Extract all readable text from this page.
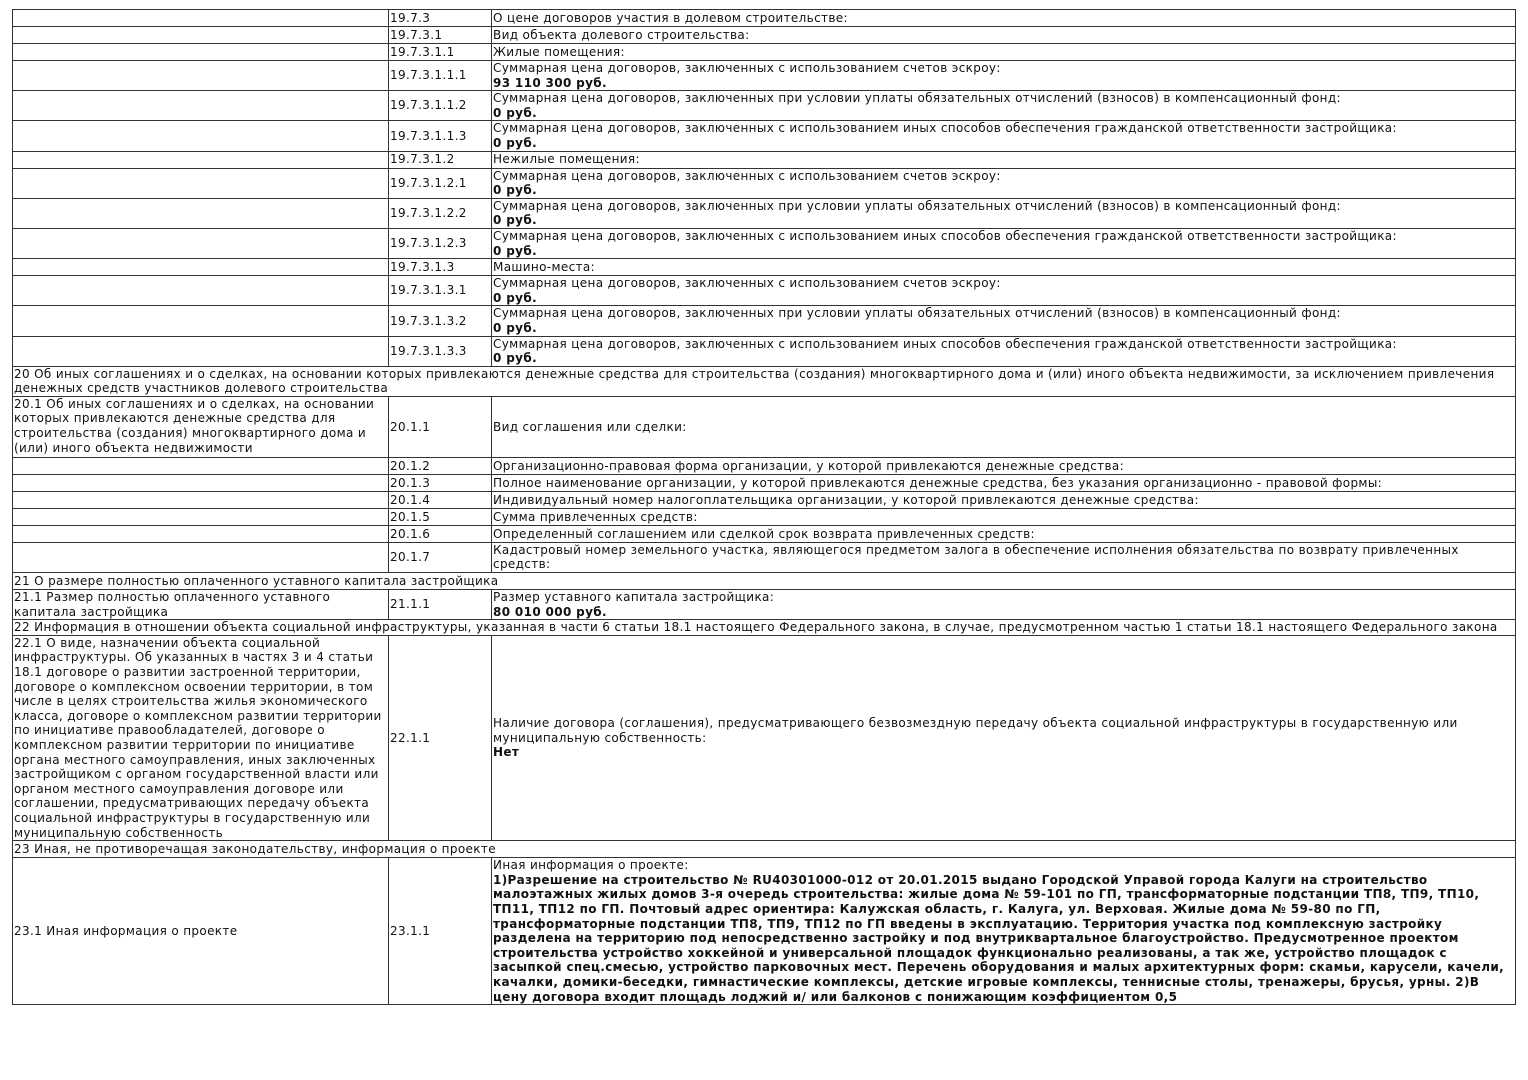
	19.7.3	О цене договоров участия в долевом строительстве:

	19.7.3.1	Вид объекта долевого строительства:

	19.7.3.1.1	Жилые помещения:

	19.7.3.1.1.1	Суммарная цена договоров, заключенных с использованием счетов эскроу:
93 110 300 руб.

	19.7.3.1.1.2	Суммарная цена договоров, заключенных при условии уплаты обязательных отчислений (взносов) в компенсационный фонд:
0 руб.

	19.7.3.1.1.3	Суммарная цена договоров, заключенных с использованием иных способов обеспечения гражданской ответственности застройщика:
0 руб.

	19.7.3.1.2	Нежилые помещения:

	19.7.3.1.2.1	Суммарная цена договоров, заключенных с использованием счетов эскроу:
0 руб.

	19.7.3.1.2.2	Суммарная цена договоров, заключенных при условии уплаты обязательных отчислений (взносов) в компенсационный фонд:
0 руб.

	19.7.3.1.2.3	Суммарная цена договоров, заключенных с использованием иных способов обеспечения гражданской ответственности застройщика:
0 руб.

	19.7.3.1.3	Машино-места:

	19.7.3.1.3.1	Суммарная цена договоров, заключенных с использованием счетов эскроу:
0 руб.

	19.7.3.1.3.2	Суммарная цена договоров, заключенных при условии уплаты обязательных отчислений (взносов) в компенсационный фонд:
0 руб.

	19.7.3.1.3.3	Суммарная цена договоров, заключенных с использованием иных способов обеспечения гражданской ответственности застройщика:
0 руб.

20 Об иных соглашениях и о сделках, на основании которых привлекаются денежные средства для строительства (создания) многоквартирного дома и (или) иного объекта недвижимости, за исключением привлечения денежных средств участников долевого строительства		
20.1 Об иных соглашениях и о сделках, на основании которых привлекаются денежные средства для строительства (создания) многоквартирного дома и (или) иного объекта недвижимости	20.1.1	Вид соглашения или сделки:

	20.1.2	Организационно-правовая форма организации, у которой привлекаются денежные средства:

	20.1.3	Полное наименование организации, у которой привлекаются денежные средства, без указания организационно - правовой формы:

	20.1.4	Индивидуальный номер налогоплательщика организации, у которой привлекаются денежные средства:

	20.1.5	Сумма привлеченных средств:

	20.1.6	Определенный соглашением или сделкой срок возврата привлеченных средств:

	20.1.7	Кадастровый номер земельного участка, являющегося предметом залога в обеспечение исполнения обязательства по возврату привлеченных средств:

21 О размере полностью оплаченного уставного капитала застройщика		
21.1 Размер полностью оплаченного уставного капитала застройщика	21.1.1	Размер уставного капитала застройщика:
80 010 000 руб.

22 Информация в отношении объекта социальной инфраструктуры, указанная в части 6 статьи 18.1 настоящего Федерального закона, в случае, предусмотренном частью 1 статьи 18.1 настоящего Федерального закона		
22.1 О виде, назначении объекта социальной инфраструктуры. Об указанных в частях 3 и 4 статьи 18.1 договоре о развитии застроенной территории, договоре о комплексном освоении территории, в том числе в целях строительства жилья экономического класса, договоре о комплексном развитии территории по инициативе правообладателей, договоре о комплексном развитии территории по инициативе органа местного самоуправления, иных заключенных застройщиком с органом государственной власти или органом местного самоуправления договоре или соглашении, предусматривающих передачу объекта социальной инфраструктуры в государственную или муниципальную собственность	22.1.1	Наличие договора (соглашения), предусматривающего безвозмездную передачу объекта социальной инфраструктуры в государственную или муниципальную собственность:
Нет

23 Иная, не противоречащая законодательству, информация о проекте		
23.1 Иная информация о проекте	23.1.1	Иная информация о проекте:
1)Разрешение на строительство № RU40301000-012 от 20.01.2015 выдано Городской Управой города Калуги на строительство малоэтажных жилых домов 3-я очередь строительства: жилые дома № 59-101 по ГП, трансформаторные подстанции ТП8, ТП9, ТП10, ТП11, ТП12 по ГП. Почтовый адрес ориентира: Калужская область, г. Калуга, ул. Верховая. Жилые дома № 59-80 по ГП, трансформаторные подстанции ТП8, ТП9, ТП12 по ГП введены в эксплуатацию. Территория участка под комплексную застройку разделена на территорию под непосредственно застройку и под внутриквартальное благоустройство. Предусмотренное проектом строительства устройство хоккейной и универсальной площадок функционально реализованы, а так же, устройство площадок с засыпкой спец.смесью, устройство парковочных мест. Перечень оборудования и малых архитектурных форм: скамьи, карусели, качели, качалки, домики-беседки, гимнастические комплексы, детские игровые комплексы, теннисные столы, тренажеры, брусья, урны. 2)В цену договора входит площадь лоджий и/ или балконов с понижающим коэффициентом 0,5
